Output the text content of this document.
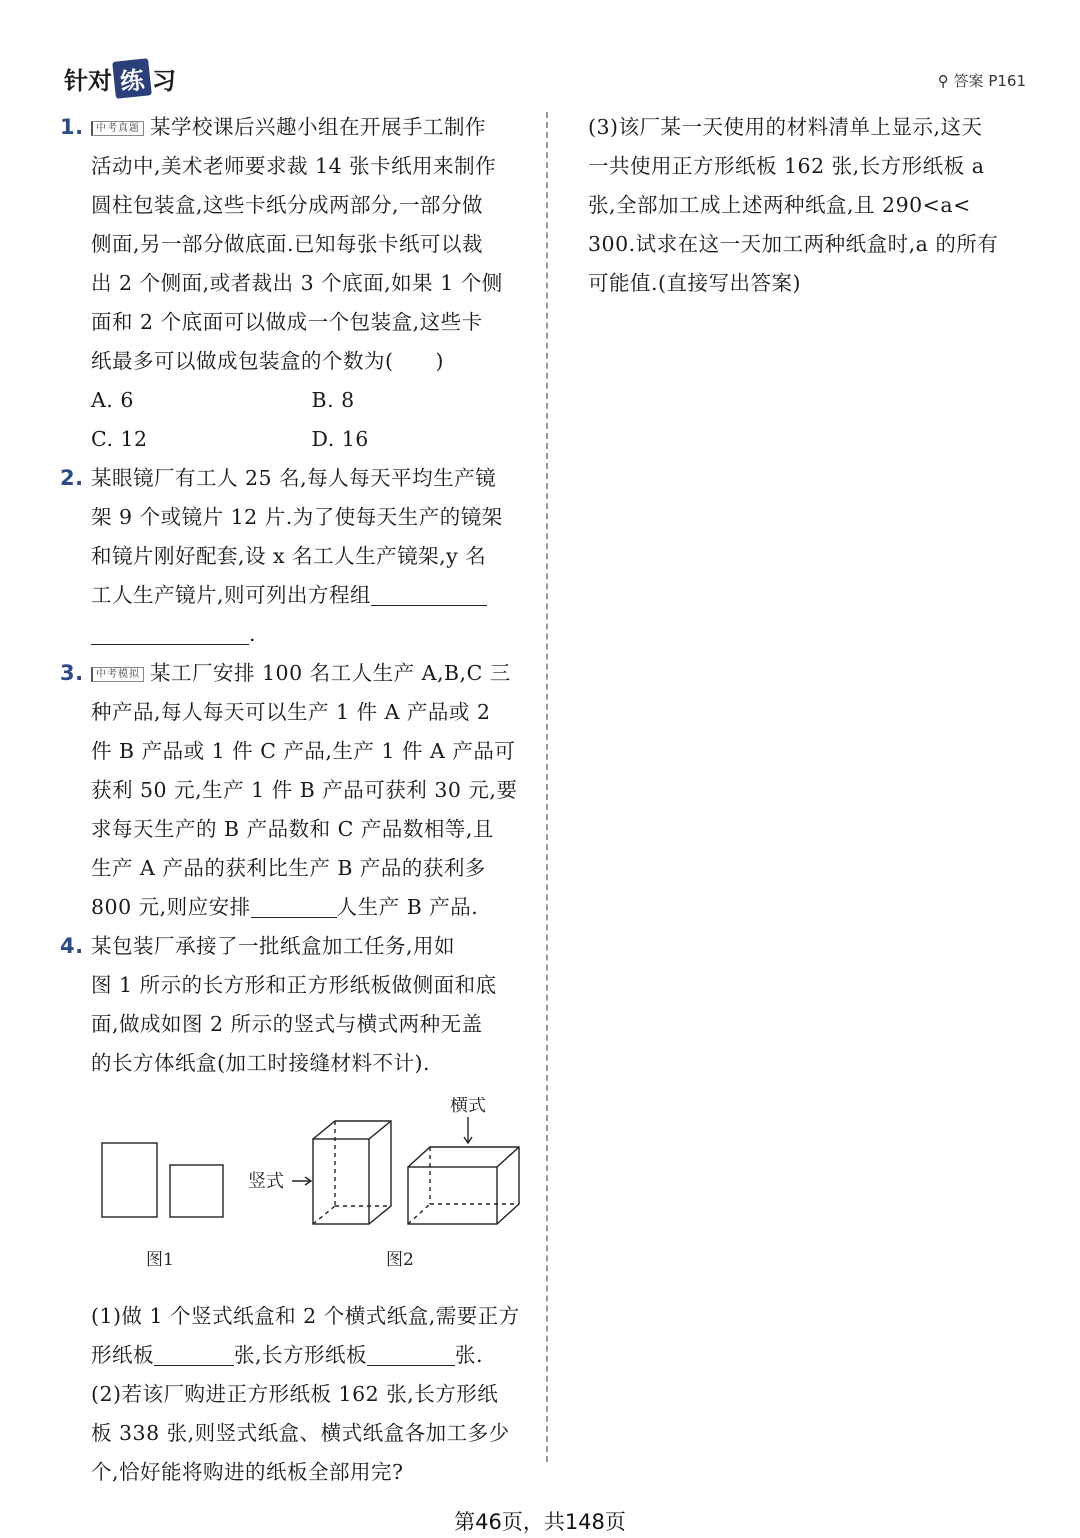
针对 练 习	⚲ 答案 P161
1. 中考真题 某学校课后兴趣小组在开展手工制作
活动中,美术老师要求裁 14 张卡纸用来制作
圆柱包装盒,这些卡纸分成两部分,一部分做
侧面,另一部分做底面.已知每张卡纸可以裁
出 2 个侧面,或者裁出 3 个底面,如果 1 个侧
面和 2 个底面可以做成一个包装盒,这些卡
纸最多可以做成包装盒的个数为(　　)
A. 6	B. 8
C. 12	D. 16
2. 某眼镜厂有工人 25 名,每人每天平均生产镜
架 9 个或镜片 12 片.为了使每天生产的镜架
和镜片刚好配套,设 x 名工人生产镜架,y 名
工人生产镜片,则可列出方程组
.
3. 中考模拟 某工厂安排 100 名工人生产 A,B,C 三
种产品,每人每天可以生产 1 件 A 产品或 2
件 B 产品或 1 件 C 产品,生产 1 件 A 产品可
获利 50 元,生产 1 件 B 产品可获利 30 元,要
求每天生产的 B 产品数和 C 产品数相等,且
生产 A 产品的获利比生产 B 产品的获利多
800 元,则应安排	人生产 B 产品.
4. 某包装厂承接了一批纸盒加工任务,用如
图 1 所示的长方形和正方形纸板做侧面和底
面,做成如图 2 所示的竖式与横式两种无盖
的长方体纸盒(加工时接缝材料不计).
竖式
横式
图1	图2
(1)做 1 个竖式纸盒和 2 个横式纸盒,需要正方
形纸板	张,长方形纸板	张.
(2)若该厂购进正方形纸板 162 张,长方形纸
板 338 张,则竖式纸盒、横式纸盒各加工多少
个,恰好能将购进的纸板全部用完?
(3)该厂某一天使用的材料清单上显示,这天
一共使用正方形纸板 162 张,长方形纸板 a
张,全部加工成上述两种纸盒,且 290<a<
300.试求在这一天加工两种纸盒时,a 的所有
可能值.(直接写出答案)
第46页，共148页
